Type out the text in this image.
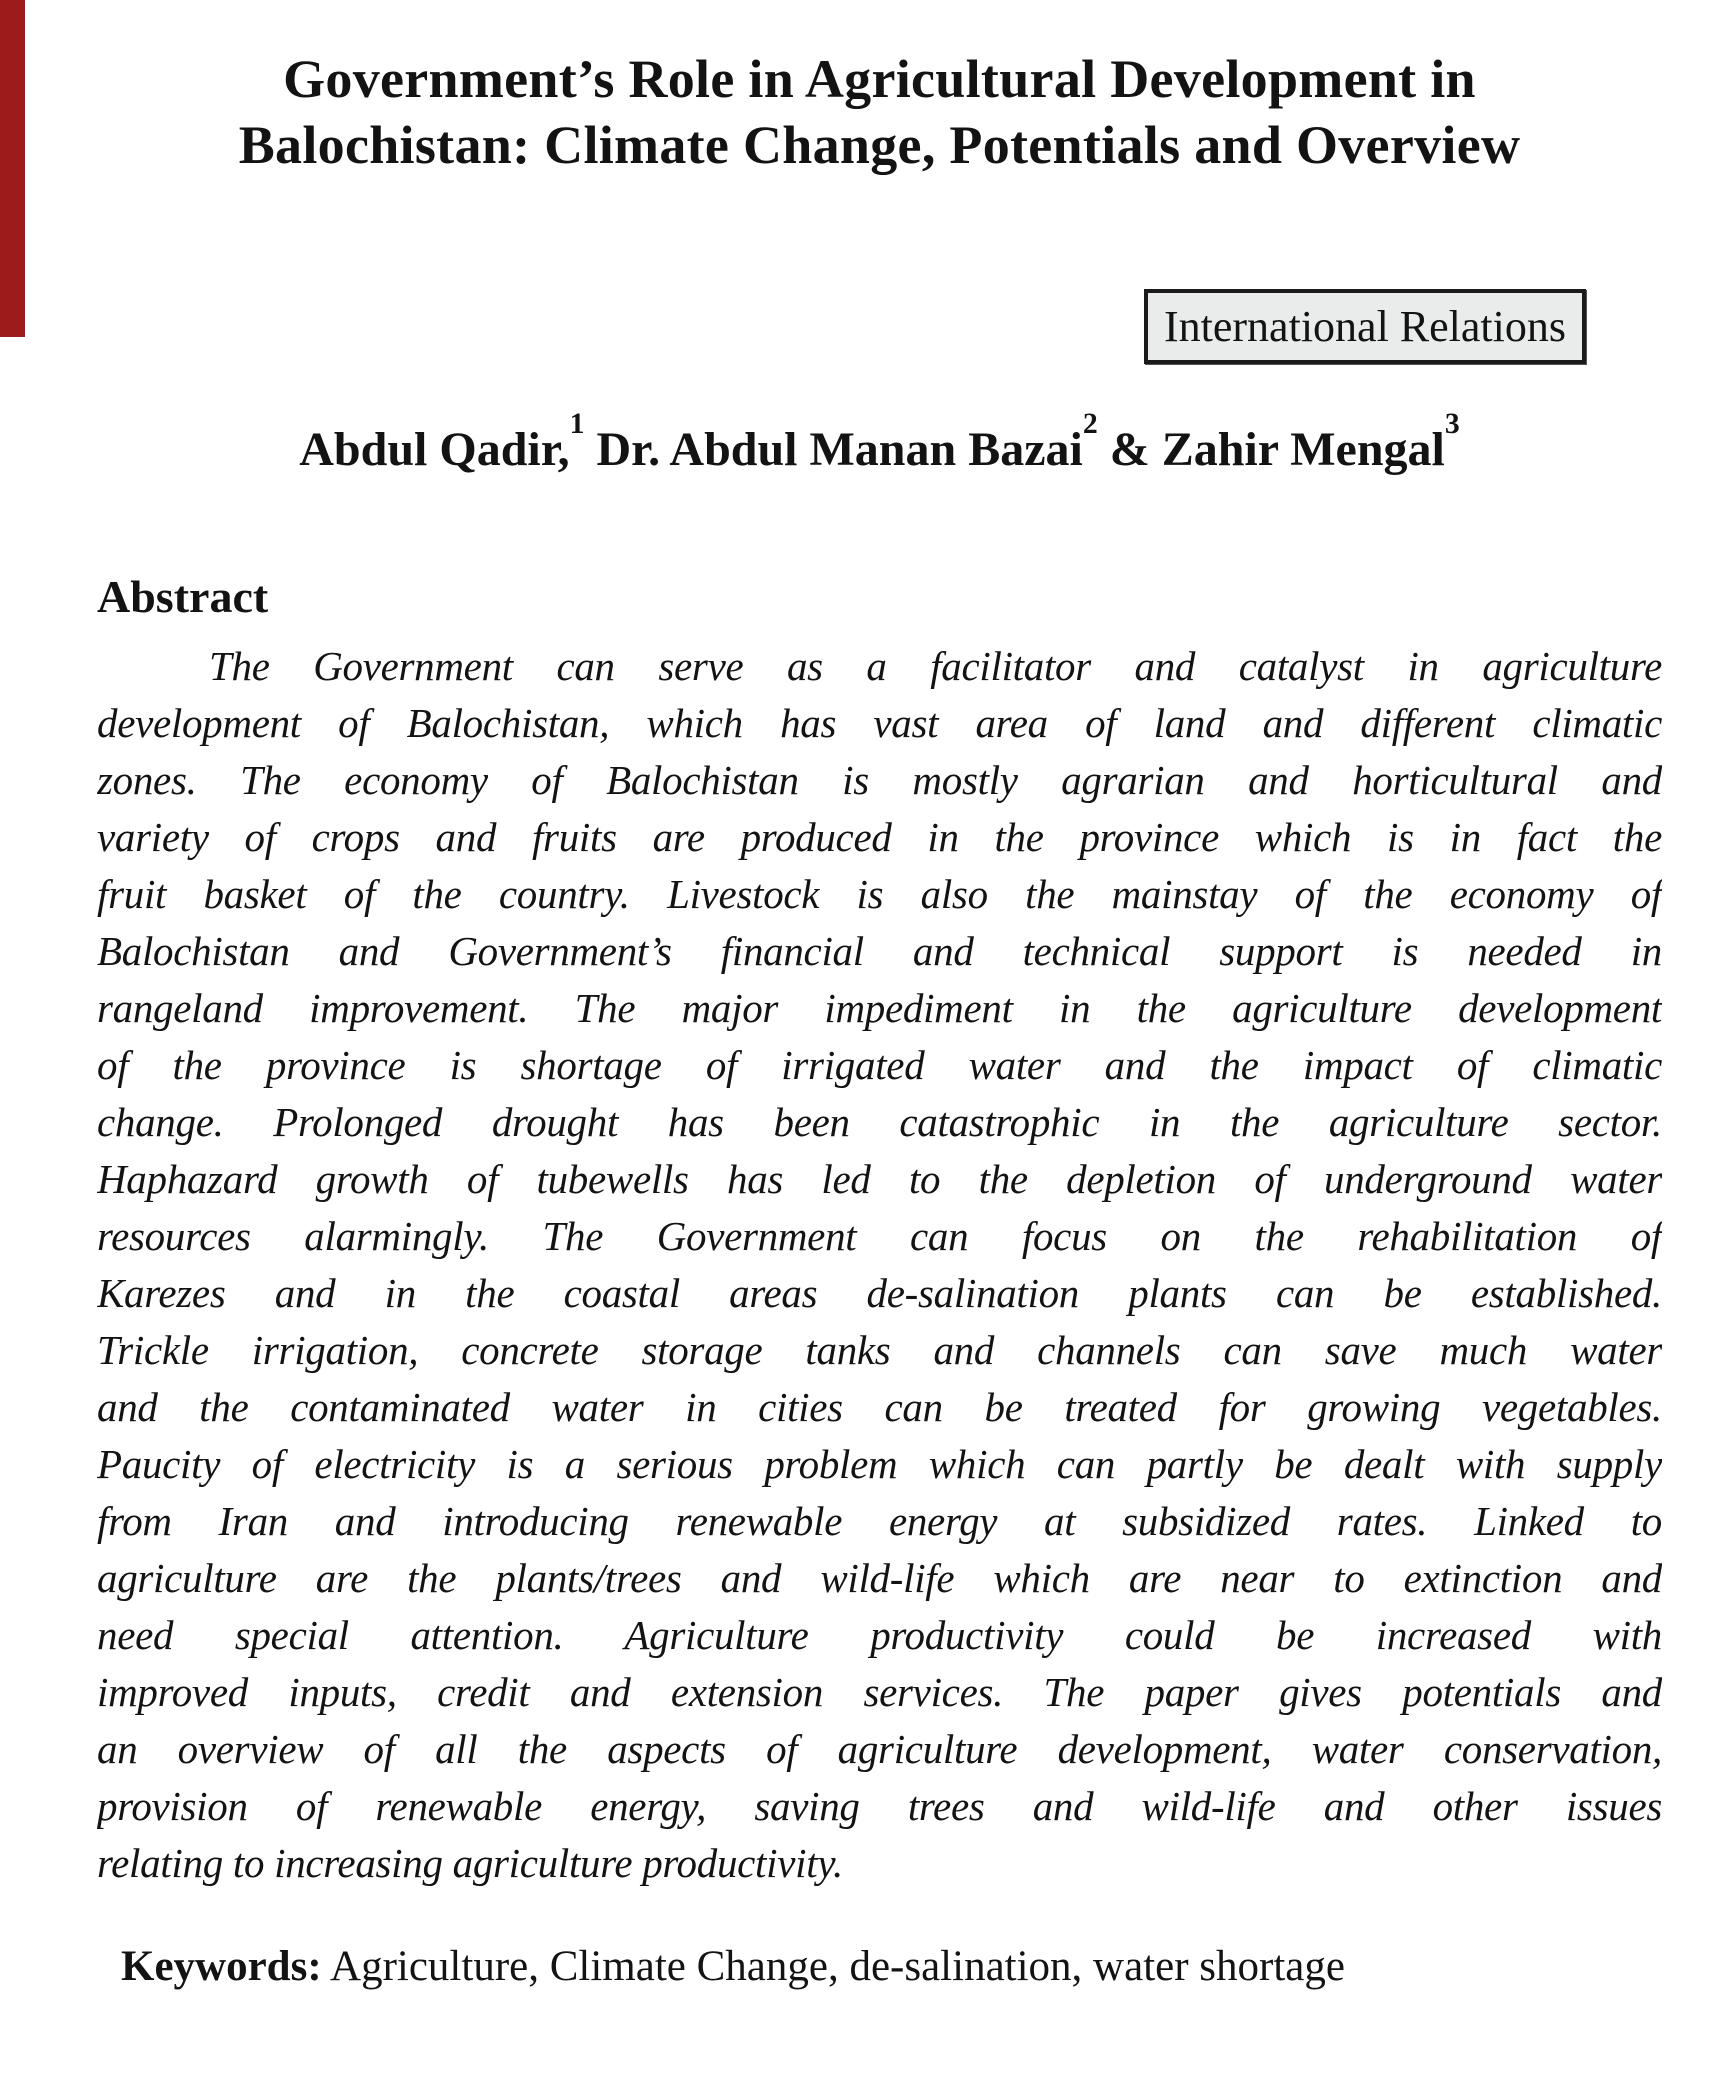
Government’s Role in Agricultural Development in
Balochistan: Climate Change, Potentials and Overview
International Relations
Abdul Qadir,$^1$ Dr. Abdul Manan Bazai$^2$ & Zahir Mengal$^3$
Abstract
The Government can serve as a facilitator and catalyst in agriculture
development of Balochistan, which has vast area of land and different climatic
zones. The economy of Balochistan is mostly agrarian and horticultural and
variety of crops and fruits are produced in the province which is in fact the
fruit basket of the country. Livestock is also the mainstay of the economy of
Balochistan and Government’s financial and technical support is needed in
rangeland improvement. The major impediment in the agriculture development
of the province is shortage of irrigated water and the impact of climatic
change. Prolonged drought has been catastrophic in the agriculture sector.
Haphazard growth of tubewells has led to the depletion of underground water
resources alarmingly. The Government can focus on the rehabilitation of
Karezes and in the coastal areas de-salination plants can be established.
Trickle irrigation, concrete storage tanks and channels can save much water
and the contaminated water in cities can be treated for growing vegetables.
Paucity of electricity is a serious problem which can partly be dealt with supply
from Iran and introducing renewable energy at subsidized rates. Linked to
agriculture are the plants/trees and wild-life which are near to extinction and
need special attention. Agriculture productivity could be increased with
improved inputs, credit and extension services. The paper gives potentials and
an overview of all the aspects of agriculture development, water conservation,
provision of renewable energy, saving trees and wild-life and other issues
relating to increasing agriculture productivity.
Keywords: Agriculture, Climate Change, de-salination, water shortage
